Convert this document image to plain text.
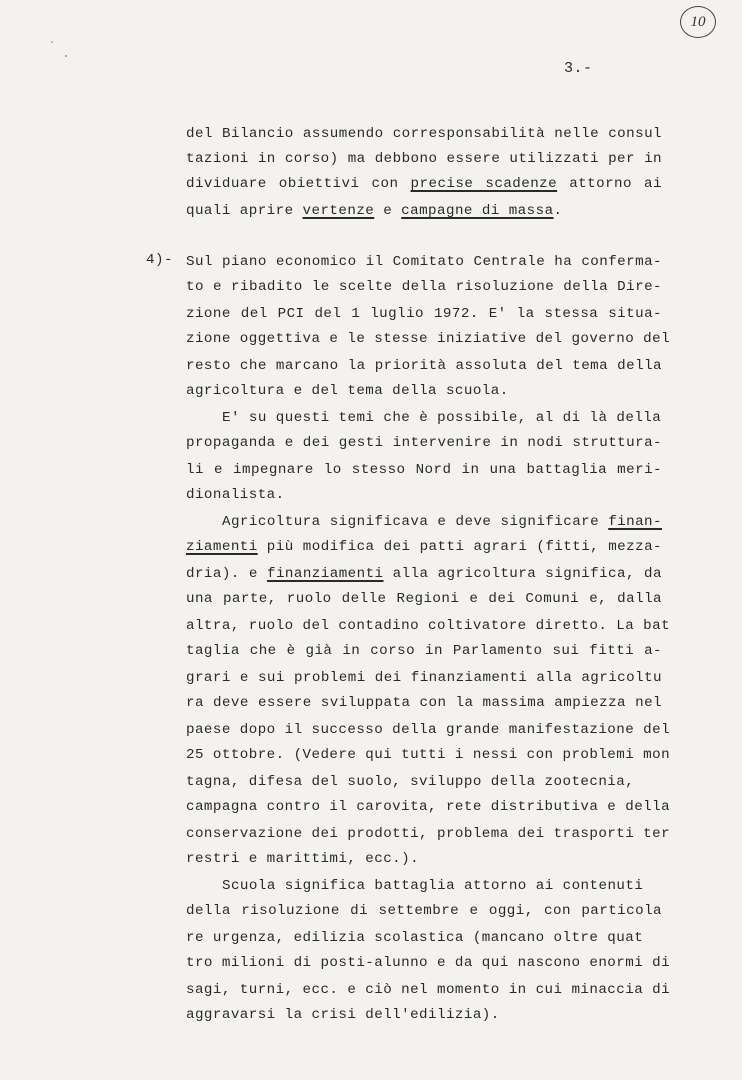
10
3.-
4)-
del Bilancio assumendo corresponsabilità nelle consul
tazioni in corso) ma debbono essere utilizzati per in
dividuare obiettivi con precise scadenze attorno ai
quali aprire vertenze e campagne di massa.
Sul piano economico il Comitato Centrale ha conferma-
to e ribadito le scelte della risoluzione della Dire-
zione del PCI del 1 luglio 1972. E' la stessa situa-
zione oggettiva e le stesse iniziative del governo del
resto che marcano la priorità assoluta del tema della
agricoltura e del tema della scuola.
E' su questi temi che è possibile, al di là della
propaganda e dei gesti intervenire in nodi struttura-
li e impegnare lo stesso Nord in una battaglia meri-
dionalista.
Agricoltura significava e deve significare finan-
ziamenti più modifica dei patti agrari (fitti, mezza-
dria). e finanziamenti alla agricoltura significa, da
una parte, ruolo delle Regioni e dei Comuni e, dalla
altra, ruolo del contadino coltivatore diretto. La bat
taglia che è già in corso in Parlamento sui fitti a-
grari e sui problemi dei finanziamenti alla agricoltu
ra deve essere sviluppata con la massima ampiezza nel
paese dopo il successo della grande manifestazione del
25 ottobre. (Vedere qui tutti i nessi con problemi mon
tagna, difesa del suolo, sviluppo della zootecnia,
campagna contro il carovita, rete distributiva e della
conservazione dei prodotti, problema dei trasporti ter
restri e marittimi, ecc.).
Scuola significa battaglia attorno ai contenuti
della risoluzione di settembre e oggi, con particola
re urgenza, edilizia scolastica (mancano oltre quat
tro milioni di posti-alunno e da qui nascono enormi di
sagi, turni, ecc. e ciò nel momento in cui minaccia di
aggravarsi la crisi dell'edilizia).
